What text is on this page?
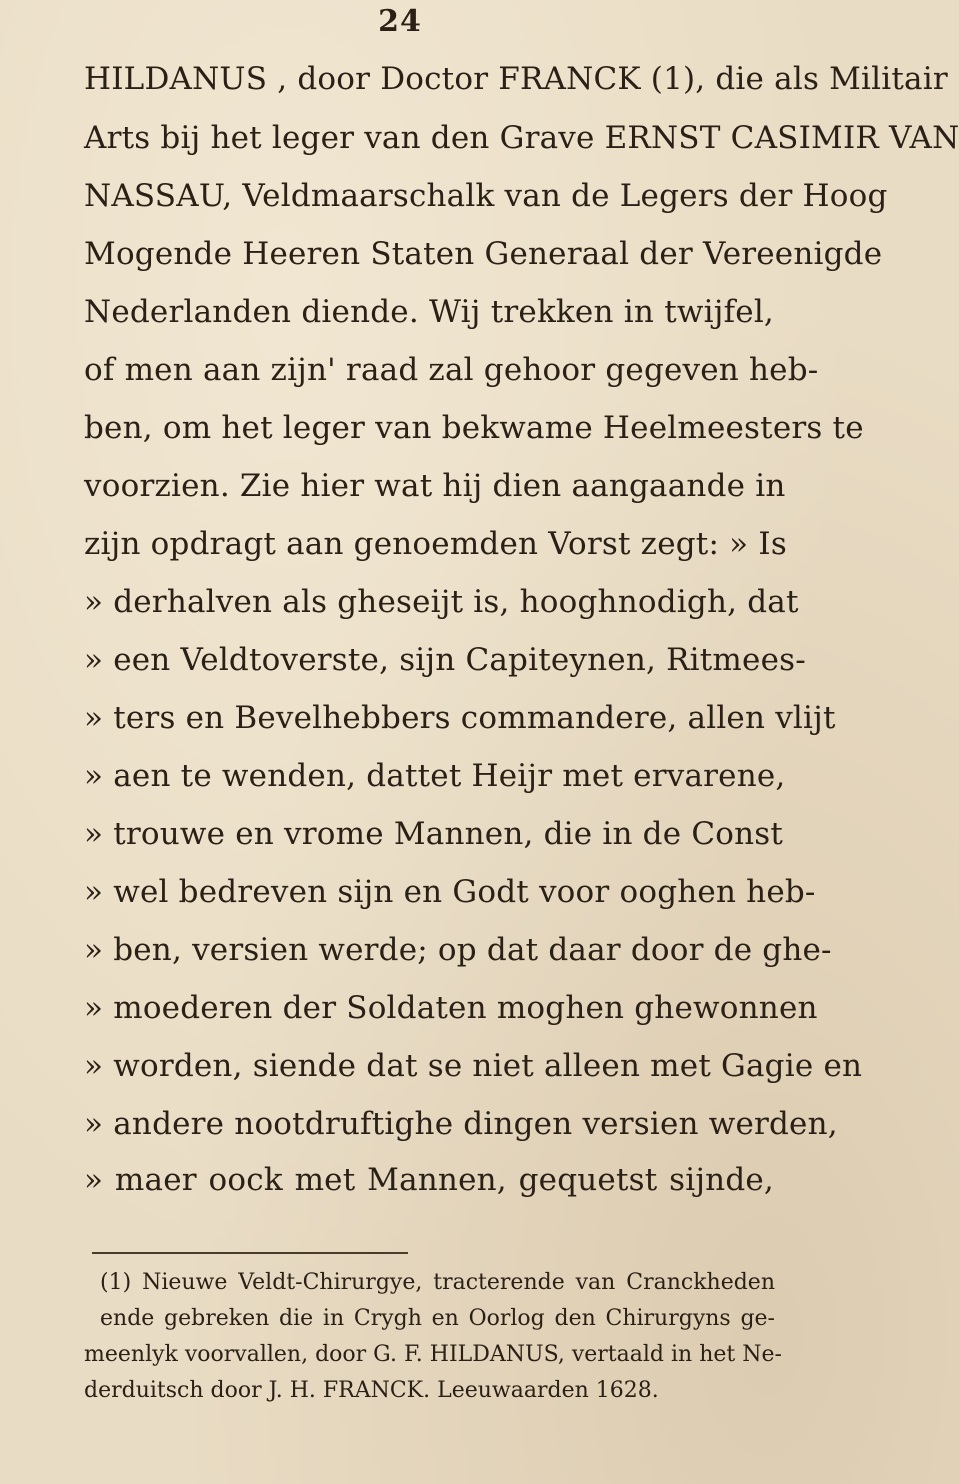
24
HILDANUS , door Doctor FRANCK (1), die als Militair
Arts bij het leger van den Grave ERNST CASIMIR VAN
NASSAU, Veldmaarschalk van de Legers der Hoog
Mogende Heeren Staten Generaal der Vereenigde
Nederlanden diende. Wij trekken in twijfel,
of men aan zijn' raad zal gehoor gegeven heb-
ben, om het leger van bekwame Heelmeesters te
voorzien. Zie hier wat hij dien aangaande in
zijn opdragt aan genoemden Vorst zegt: » Is
» derhalven als gheseijt is, hooghnodigh, dat
» een Veldtoverste, sijn Capiteynen, Ritmees-
» ters en Bevelhebbers commandere, allen vlijt
» aen te wenden, dattet Heijr met ervarene,
» trouwe en vrome Mannen, die in de Const
» wel bedreven sijn en Godt voor ooghen heb-
» ben, versien werde; op dat daar door de ghe-
» moederen der Soldaten moghen ghewonnen
» worden, siende dat se niet alleen met Gagie en
» andere nootdruftighe dingen versien werden,
» maer oock met Mannen, gequetst sijnde,
(1) Nieuwe Veldt-Chirurgye, tracterende van Cranckheden
ende gebreken die in Crygh en Oorlog den Chirurgyns ge-
meenlyk voorvallen, door G. F. HILDANUS, vertaald in het Ne-
derduitsch door J. H. FRANCK. Leeuwaarden 1628.
